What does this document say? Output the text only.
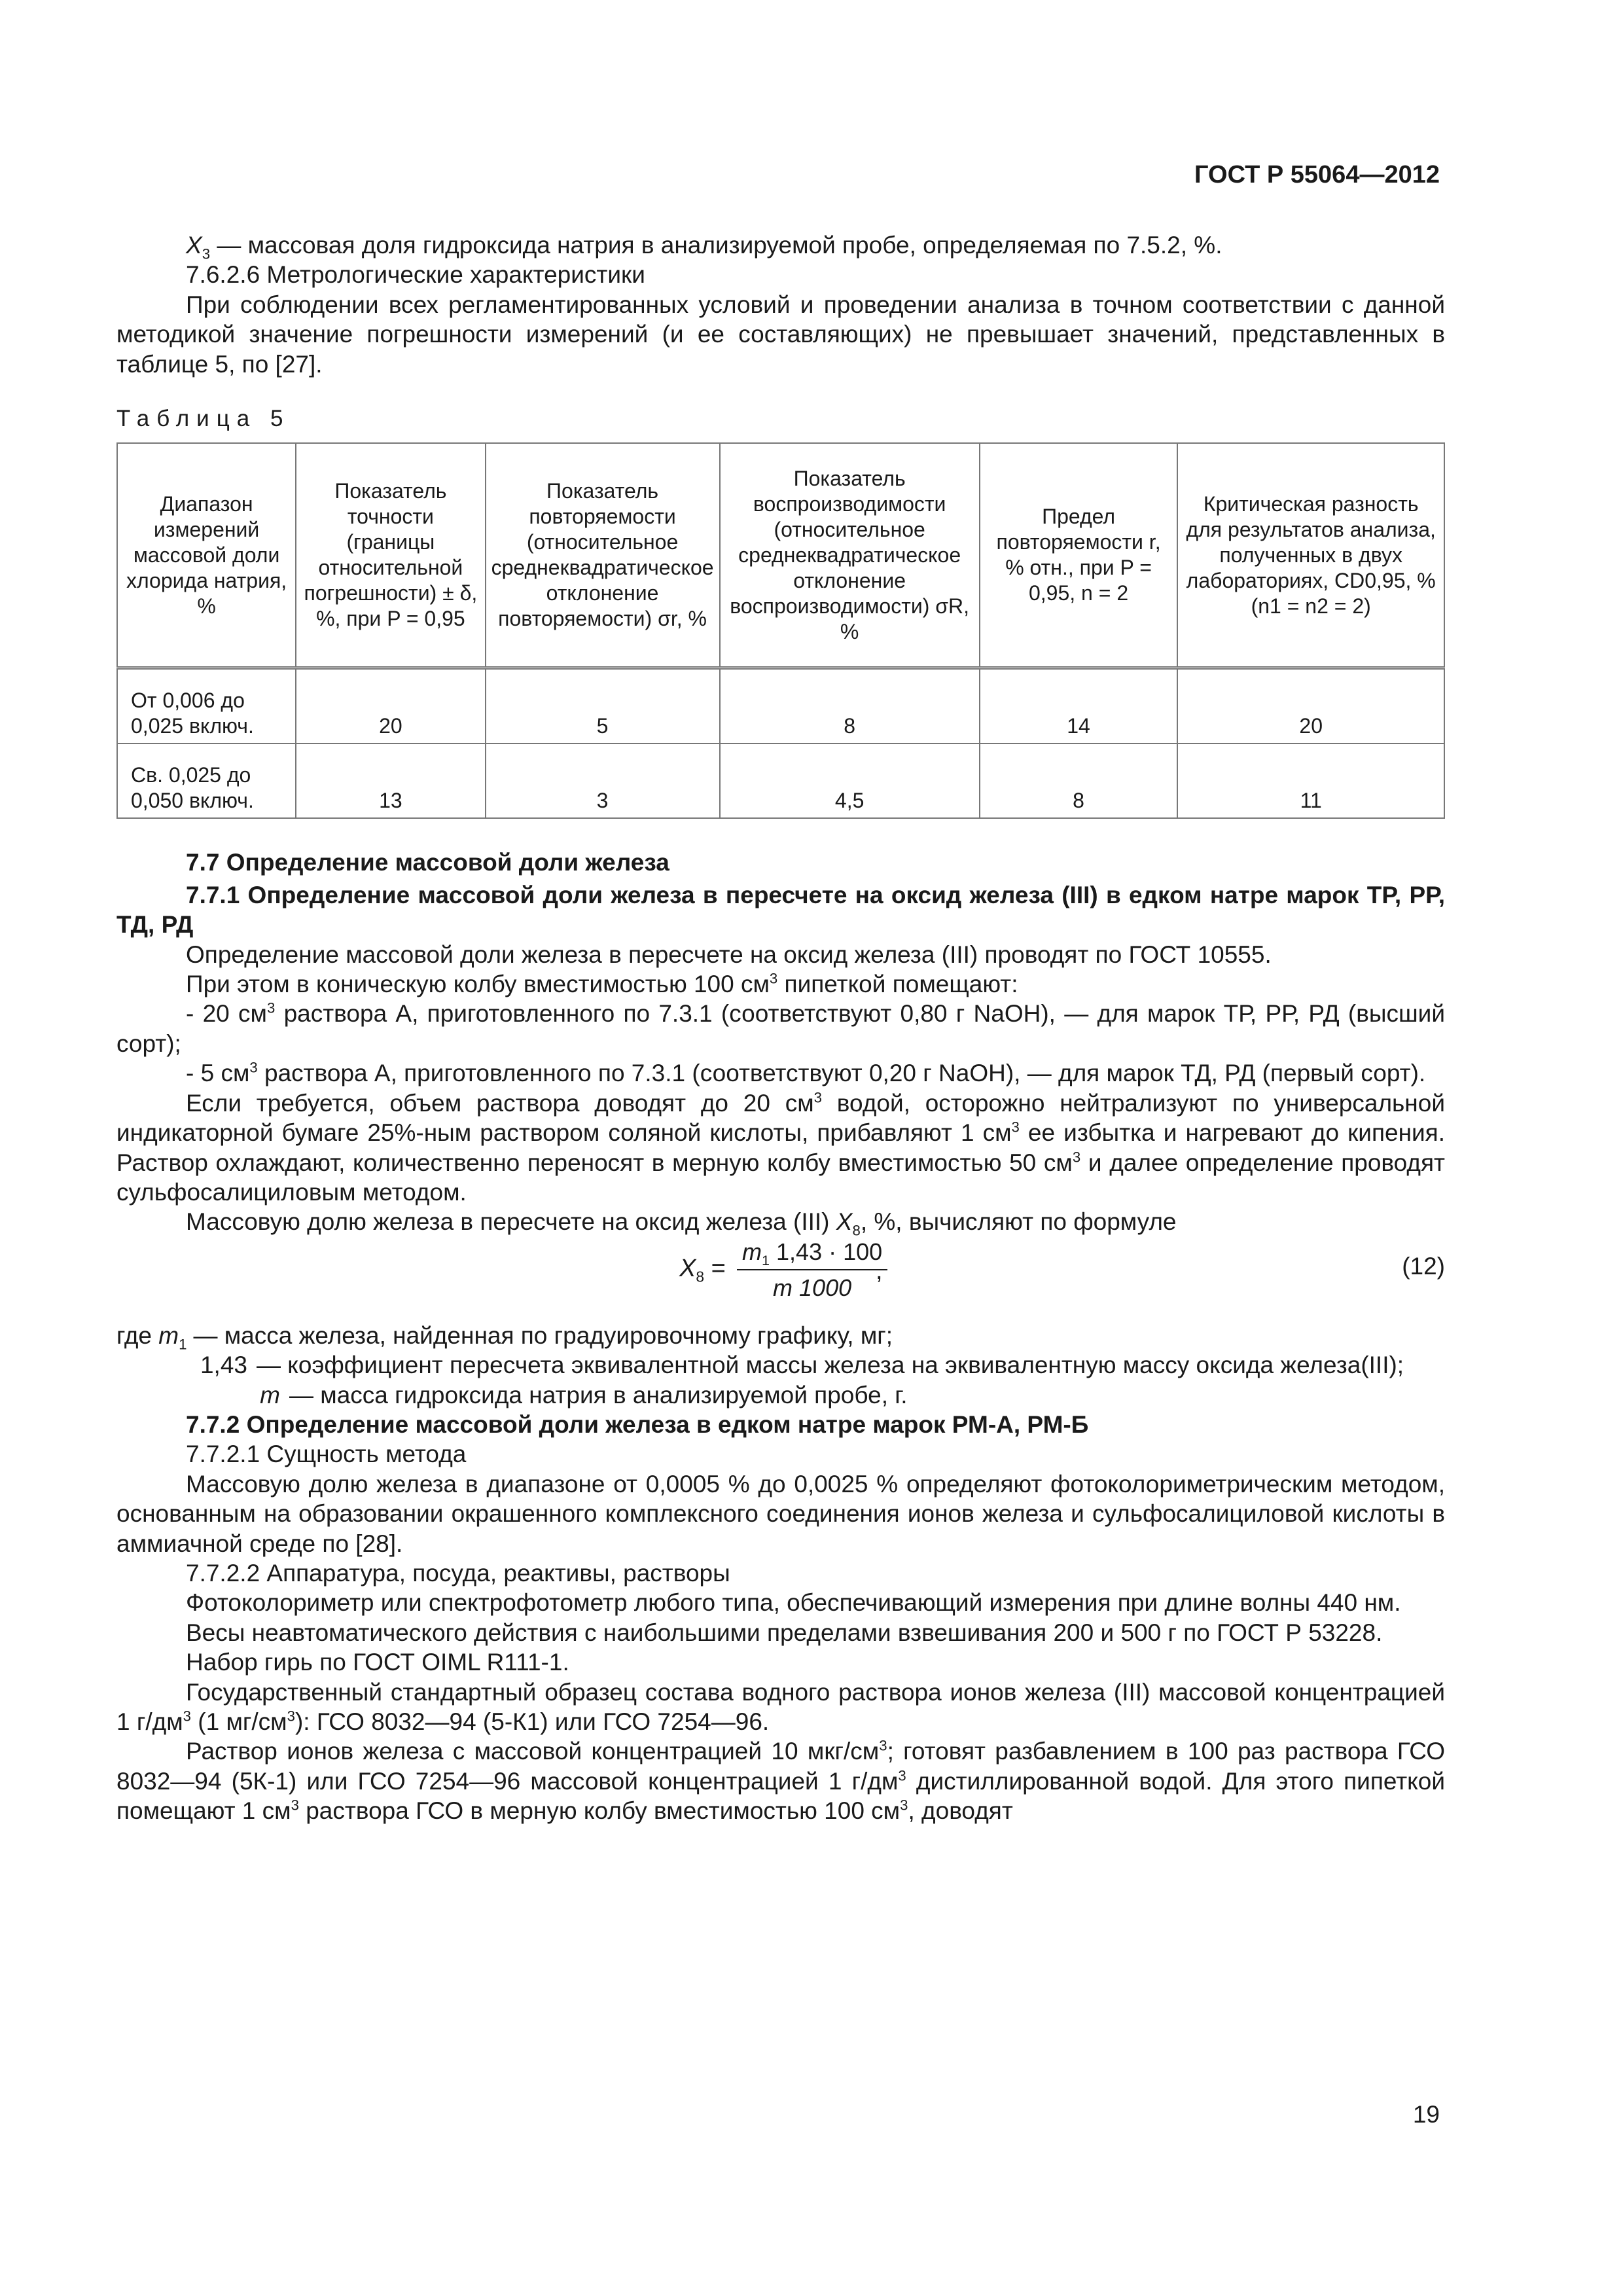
ГОСТ Р 55064—2012

$X_3$ — массовая доля гидроксида натрия в анализируемой пробе, определяемая по 7.5.2, %.

7.6.2.6 Метрологические характеристики

При соблюдении всех регламентированных условий и проведении анализа в точном соответствии с данной методикой значение погрешности измерений (и ее составляющих) не превышает значений, представленных в таблице 5, по [27].

Таблица 5

Диапазон измерений массовой доли хлорида натрия, %	Показатель точности (границы относительной погрешности) ± δ, %, при P = 0,95	Показатель повторяемости (относительное среднеквадратическое отклонение повторяемости) σr, %	Показатель воспроизводимости (относительное среднеквадратическое отклонение воспроизводимости) σR, %	Предел повторяемости r, % отн., при P = 0,95, n = 2	Критическая разность для результатов анализа, полученных в двух лабораториях, CD0,95, % (n1 = n2 = 2)
От 0,006 до 0,025 включ.	20	5	8	14	20
Св. 0,025 до 0,050 включ.	13	3	4,5	8	11

7.7 Определение массовой доли железа

7.7.1 Определение массовой доли железа в пересчете на оксид железа (III) в едком натре марок ТР, РР, ТД, РД

Определение массовой доли железа в пересчете на оксид железа (III) проводят по ГОСТ 10555.

При этом в коническую колбу вместимостью 100 $см^3$ пипеткой помещают:

- 20 $см^3$ раствора А, приготовленного по 7.3.1 (соответствуют 0,80 г NaOH), — для марок ТР, РР, РД (высший сорт);

- 5 $см^3$ раствора А, приготовленного по 7.3.1 (соответствуют 0,20 г NaOH), — для марок ТД, РД (первый сорт).

Если требуется, объем раствора доводят до 20 $см^3$ водой, осторожно нейтрализуют по универсальной индикаторной бумаге 25%-ным раствором соляной кислоты, прибавляют 1 $см^3$ ее избытка и нагревают до кипения. Раствор охлаждают, количественно переносят в мерную колбу вместимостью 50 $см^3$ и далее определение проводят сульфосалициловым методом.

Массовую долю железа в пересчете на оксид железа (III) $X_8$, %, вычисляют по формуле

$X_8 = \frac{m_1 1,43 \cdot 100}{m 1000}$
,	(12)
где $m_1$ — масса железа, найденная по градуировочному графику, мг;
1,43 — коэффициент пересчета эквивалентной массы железа на эквивалентную массу оксида железа(III);
m — масса гидроксида натрия в анализируемой пробе, г.

7.7.2 Определение массовой доли железа в едком натре марок РМ-А, РМ-Б

7.7.2.1 Сущность метода

Массовую долю железа в диапазоне от 0,0005 % до 0,0025 % определяют фотоколориметрическим методом, основанным на образовании окрашенного комплексного соединения ионов железа и сульфосалициловой кислоты в аммиачной среде по [28].

7.7.2.2 Аппаратура, посуда, реактивы, растворы

Фотоколориметр или спектрофотометр любого типа, обеспечивающий измерения при длине волны 440 нм.

Весы неавтоматического действия с наибольшими пределами взвешивания 200 и 500 г по ГОСТ Р 53228.

Набор гирь по ГОСТ OIML R111-1.

Государственный стандартный образец состава водного раствора ионов железа (III) массовой концентрацией 1 $г/дм^3$ (1 $мг/см^3$): ГСО 8032—94 (5-К1) или ГСО 7254—96.

Раствор ионов железа с массовой концентрацией 10 мкг/$см^3$; готовят разбавлением в 100 раз раствора ГСО 8032—94 (5К-1) или ГСО 7254—96 массовой концентрацией 1 $г/дм^3$ дистиллированной водой. Для этого пипеткой помещают 1 $см^3$ раствора ГСО в мерную колбу вместимостью 100 $см^3$, доводят

19
